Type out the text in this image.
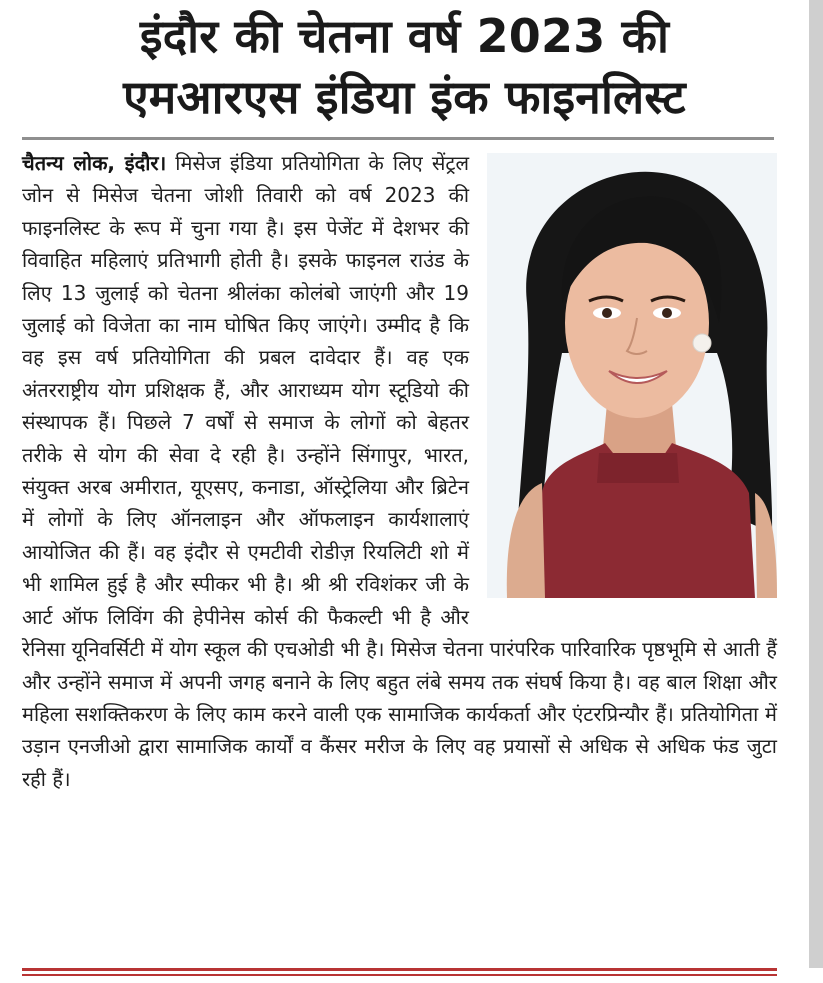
इंदौर की चेतना वर्ष 2023 की
एमआरएस इंडिया इंक फाइनलिस्ट
चैतन्य लोक, इंदौर। मिसेज इंडिया प्रतियोगिता के लिए सेंट्रल जोन से मिसेज चेतना जोशी तिवारी को वर्ष 2023 की फाइनलिस्ट के रूप में चुना गया है। इस पेजेंट में देशभर की विवाहित महिलाएं प्रतिभागी होती है। इसके फाइनल राउंड के लिए 13 जुलाई को चेतना श्रीलंका कोलंबो जाएंगी और 19 जुलाई को विजेता का नाम घोषित किए जाएंगे। उम्मीद है कि वह इस वर्ष प्रतियोगिता की प्रबल दावेदार हैं। वह एक अंतरराष्ट्रीय योग प्रशिक्षक हैं, और आराध्यम योग स्टूडियो की संस्थापक हैं। पिछले 7 वर्षों से समाज के लोगों को बेहतर तरीके से योग की सेवा दे रही है। उन्होंने सिंगापुर, भारत, संयुक्त अरब अमीरात, यूएसए, कनाडा, ऑस्ट्रेलिया और ब्रिटेन में लोगों के लिए ऑनलाइन और ऑफलाइन कार्यशालाएं आयोजित की हैं। वह इंदौर से एमटीवी रोडीज़ रियलिटी शो में भी शामिल हुई है और स्पीकर भी है। श्री श्री रविशंकर जी के आर्ट ऑफ लिविंग की हेपीनेस कोर्स की फैकल्टी भी है और रेनिसा यूनिवर्सिटी में योग स्कूल की एचओडी भी है। मिसेज चेतना पारंपरिक पारिवारिक पृष्ठभूमि से आती हैं और उन्होंने समाज में अपनी जगह बनाने के लिए बहुत लंबे समय तक संघर्ष किया है। वह बाल शिक्षा और महिला सशक्तिकरण के लिए काम करने वाली एक सामाजिक कार्यकर्ता और एंटरप्रिन्यौर हैं। प्रतियोगिता में उड़ान एनजीओ द्वारा सामाजिक कार्यों व कैंसर मरीज के लिए वह प्रयासों से अधिक से अधिक फंड जुटा रही हैं।
